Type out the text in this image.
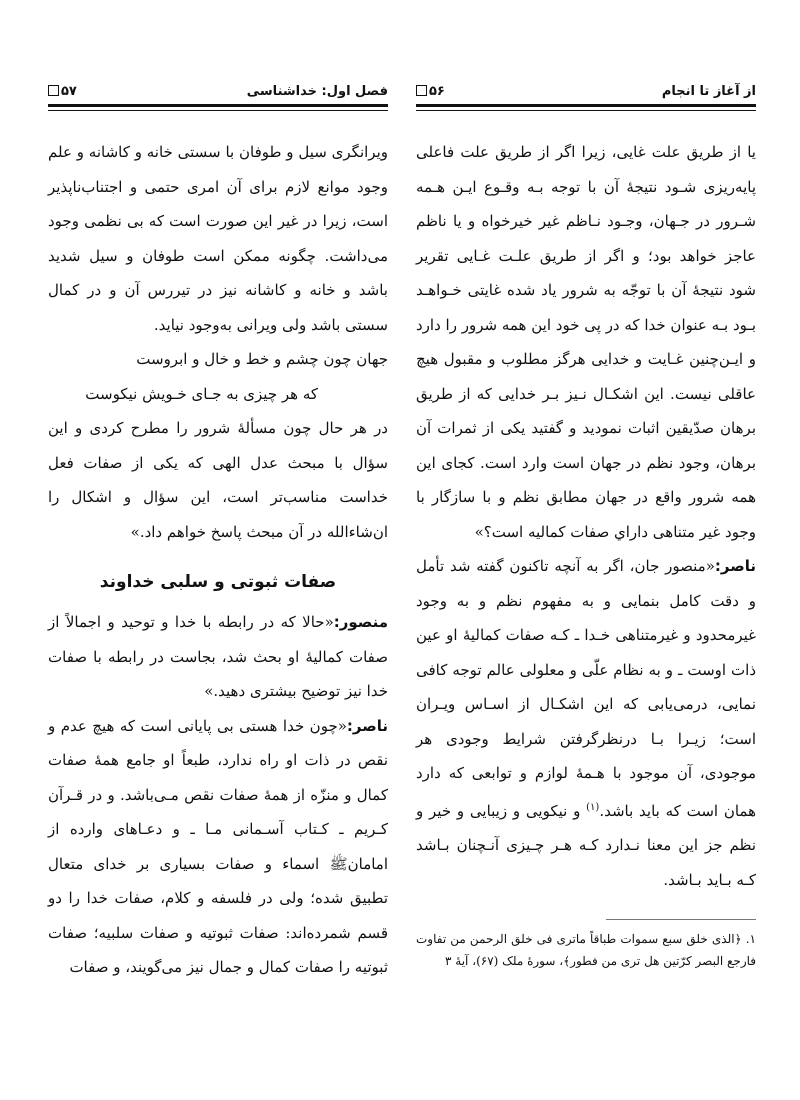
۵۷	فصل اول: خداشناسی

ویرانگری سیل و طوفان با سستی خانه و کاشانه و علم وجود موانع لازم برای آن امری حتمی و اجتناب‌ناپذیر است، زیرا در غیر این صورت است که بی نظمی وجود می‌داشت. چگونه ممکن است طوفان و سیل شدید باشد و خانه و کاشانه نیز در تیررس آن و در کمال سستی باشد ولی ویرانی به‌وجود نیاید.

جهان چون چشم و خط و خال و ابروست
که هر چیزی به جـای خـویش نیکوست

در هر حال چون مسألهٔ شرور را مطرح کردی و این سؤال با مبحث عدل الهی که یکی از صفات فعل خداست مناسب‌تر است، این سؤال و اشکال را ان‌شاءالله در آن مبحث پاسخ خواهم داد.»

صفات ثبوتی و سلبی خداوند

منصور:«حالا که در رابطه با خدا و توحید و اجمالاً از صفات کمالیهٔ او بحث شد، بجاست در رابطه با صفات خدا نیز توضیح بیشتری دهید.»

ناصر:«چون خدا هستی بی پایانی است که هیچ عدم و نقص در ذات او راه ندارد، طبعاً او جامع همهٔ صفات کمال و منزّه از همهٔ صفات نقص مـی‌باشد. و در قـرآن کـریم ـ کـتاب آسـمانی مـا ـ و دعـاهای وارده از امامانﷺ اسماء و صفات بسیاری بر خدای متعال تطبیق شده؛ ولی در فلسفه و کلام، صفات خدا را دو قسم شمرده‌اند: صفات ثبوتیه و صفات سلبیه؛ صفات ثبوتیه را صفات کمال و جمال نیز می‌گویند، و صفات

۵۶	از آغاز تا انجام

یا از طریق علت غایی، زیرا اگر از طریق علت فاعلی پایه‌ریزی شـود نتیجهٔ آن با توجه بـه وقـوع ایـن هـمه شـرور در جـهان، وجـود نـاظم غیر خیرخواه و یا ناظم عاجز خواهد بود؛ و اگر از طریق علـت غـایی تقریر شود نتیجهٔ آن با توجّه به شرور یاد شده غایتی خـواهـد بـود بـه عنوان خدا که در پی خود این همه شرور را دارد و ایـن‌چنین غـایت و خدایی هرگز مطلوب و مقبول هیچ عاقلی نیست. این اشکـال نـیز بـر خدایی که از طریق برهان صدّیقین اثبات نمودید و گفتید یکی از ثمرات آن برهان، وجود نظم در جهان است وارد است. کجای این همه شرور واقع در جهان مطابق نظم و با سازگار با وجود غیر متناهی داراي صفات کمالیه است؟»

ناصر:«منصور جان، اگر به آنچه تاکنون گفته شد تأمل و دقت کامل بنمایی و به مفهوم نظم و به وجود غیرمحدود و غیرمتناهی خـدا ـ کـه صفات کمالیهٔ او عین ذات اوست ـ و به نظام علّی و معلولی عالم توجه کافی نمایی، درمی‌یابی که این اشکـال از اسـاس ویـران است؛ زیـرا بـا درنظرگرفتن شرایط وجودی هر موجودی، آن موجود با هـمهٔ لوازم و توابعی که دارد همان است که باید باشد.$^{(۱)}$ و نیکویی و زیبایی و خیر و نظم جز این معنا نـدارد کـه هـر چـیزی آنـچنان بـاشد کـه بـاید بـاشد.

۱. ﴿الذی خلق سبع سموات طباقاً ماتری فی خلق الرحمن من تفاوت فارجع البصر کرّتین هل تری من فطور﴾، سورهٔ ملک (۶۷)، آیهٔ ۳
